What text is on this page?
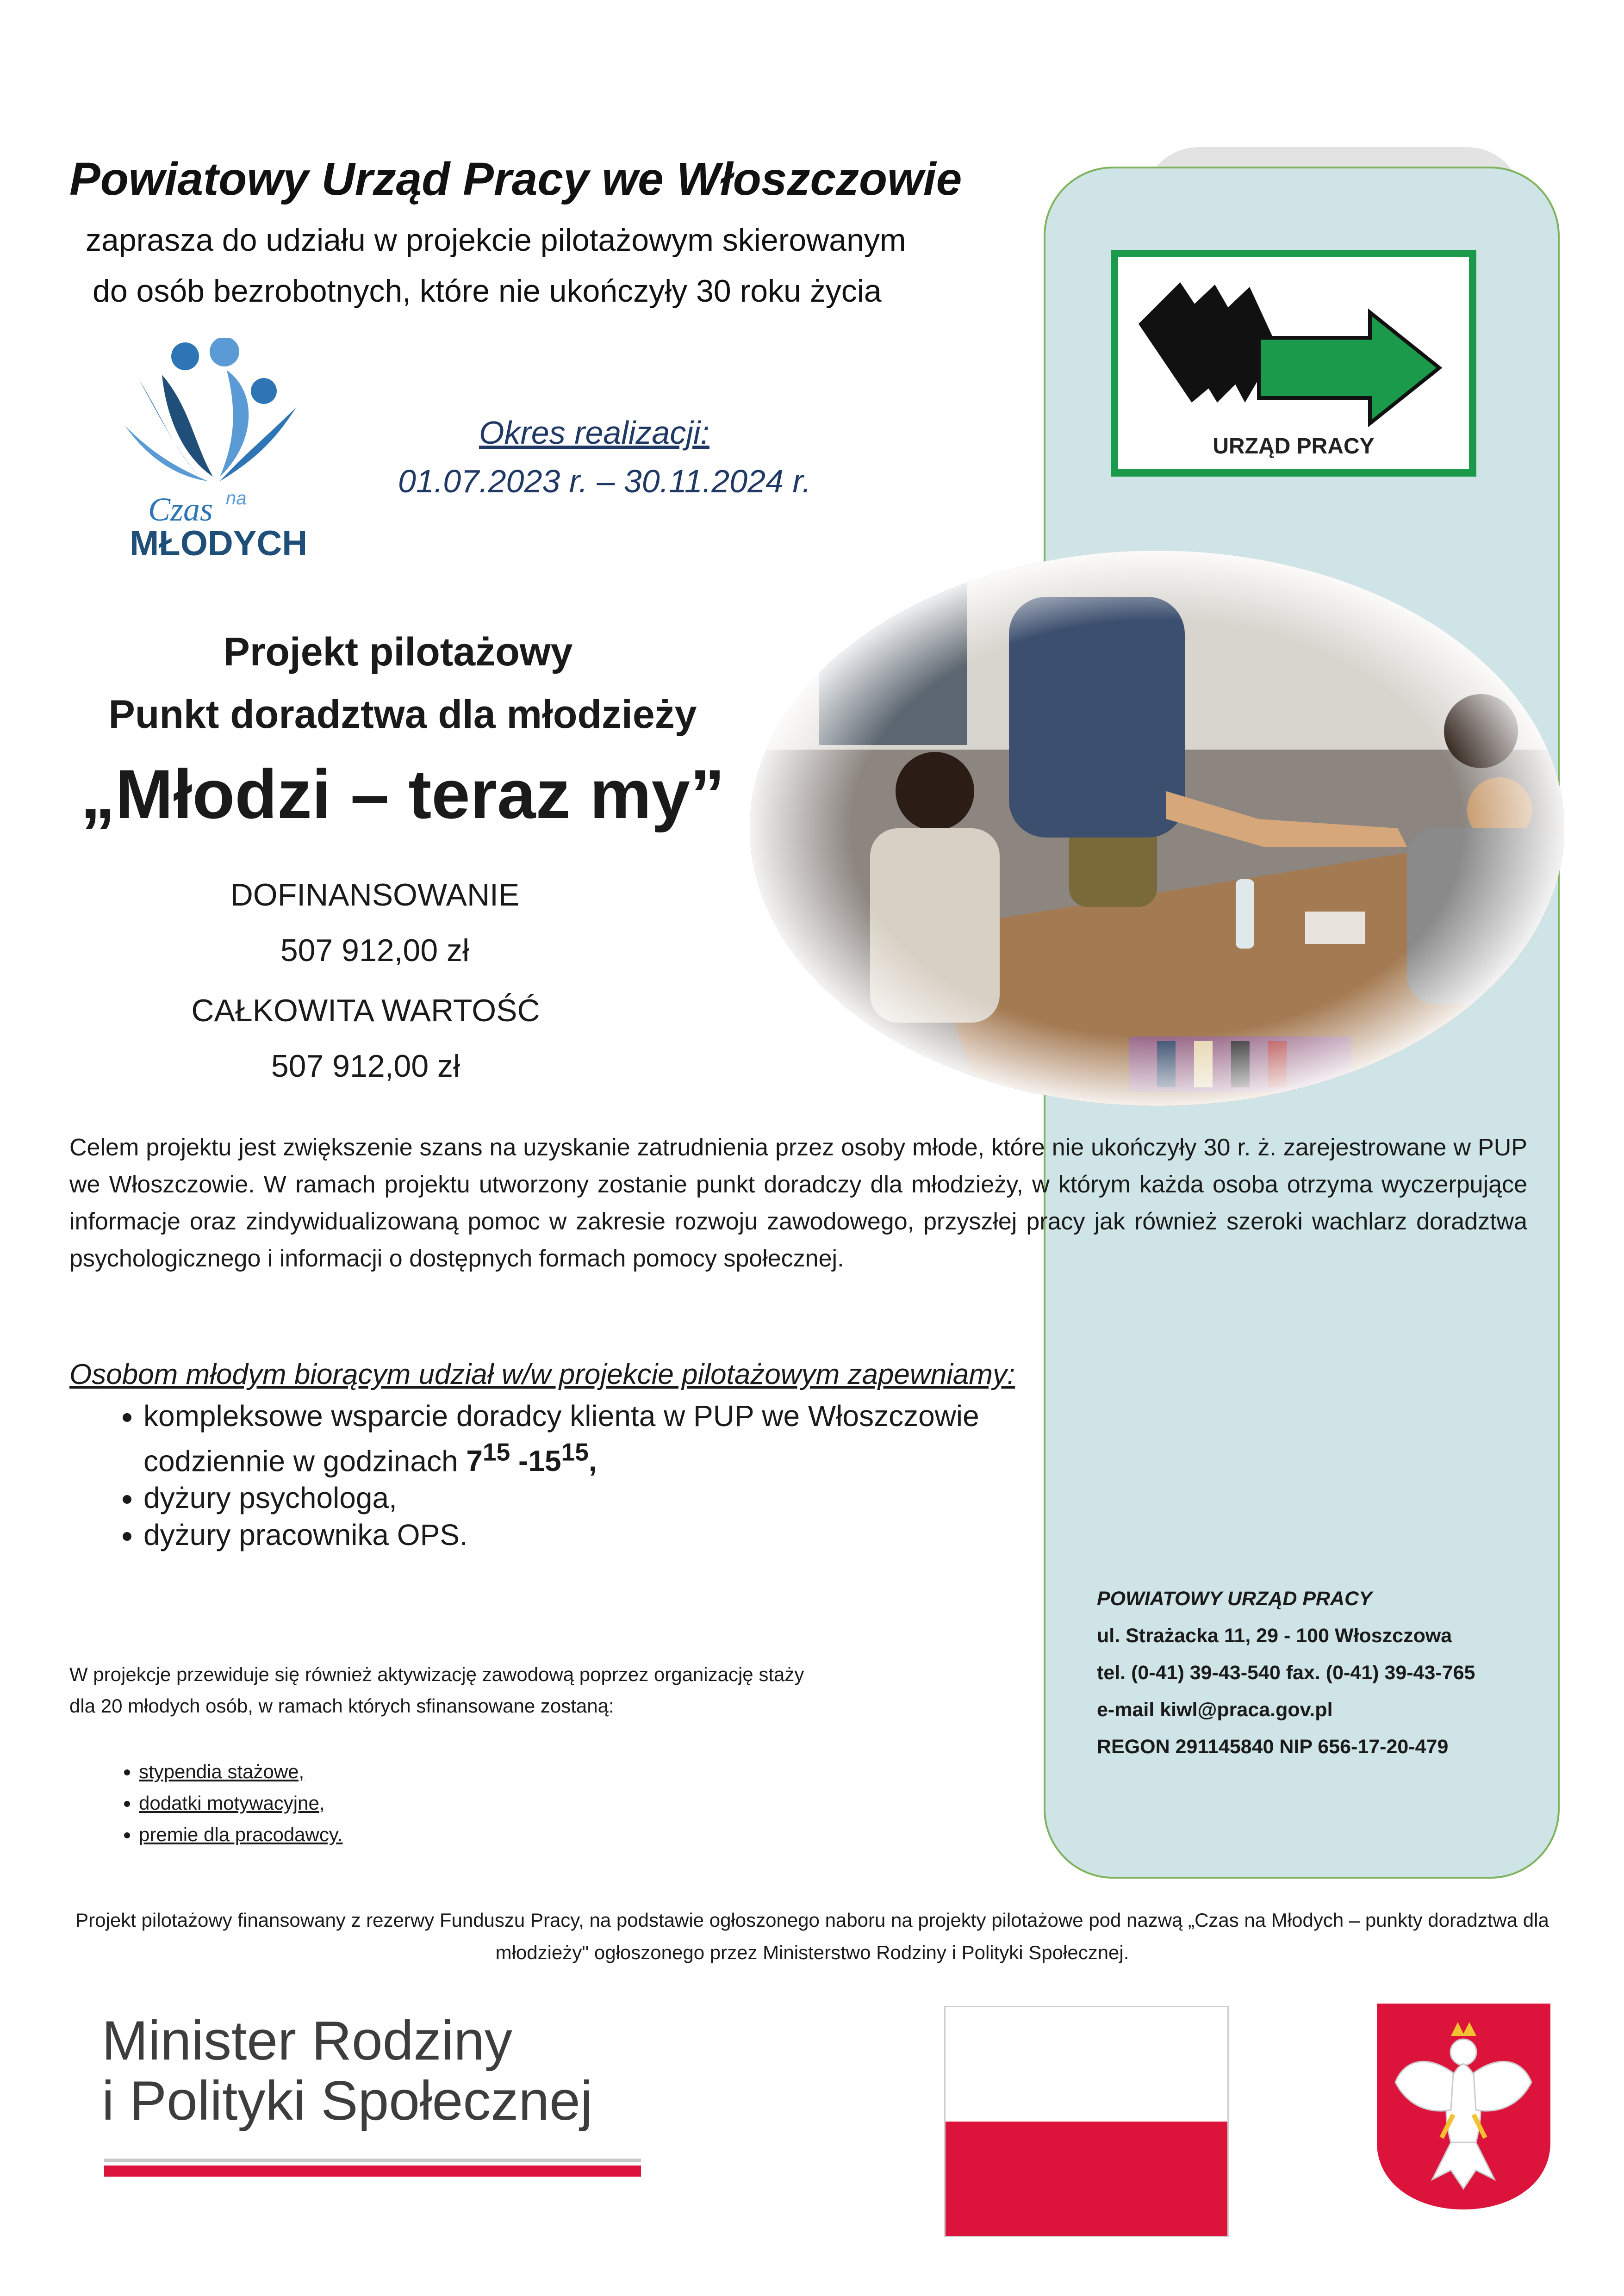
Powiatowy Urząd Pracy we Włoszczowie
zaprasza do udziału w projekcie pilotażowym skierowanym
do osób bezrobotnych, które nie ukończyły 30 roku życia
Czas na
MŁODYCH
URZĄD PRACY
Okres realizacji:
01.07.2023 r. – 30.11.2024 r.
Projekt pilotażowy
Punkt doradztwa dla młodzieży
„Młodzi – teraz my”
DOFINANSOWANIE
507 912,00 zł
CAŁKOWITA WARTOŚĆ
507 912,00 zł
Celem projektu jest zwiększenie szans na uzyskanie zatrudnienia przez osoby młode, które nie ukończyły 30 r. ż. zarejestrowane w PUP we Włoszczowie. W ramach projektu utworzony zostanie punkt doradczy dla młodzieży, w którym każda osoba otrzyma wyczerpujące informacje oraz zindywidualizowaną pomoc w zakresie rozwoju zawodowego, przyszłej pracy jak również szeroki wachlarz doradztwa psychologicznego i informacji o dostępnych formach pomocy społecznej.
Osobom młodym biorącym udział w/w projekcie pilotażowym zapewniamy:
• kompleksowe wsparcie doradcy klienta w PUP we Włoszczowie
codziennie w godzinach $7^{15}$ $-15^{15}$,
• dyżury psychologa,
• dyżury pracownika OPS.
W projekcje przewiduje się również aktywizację zawodową poprzez organizację staży
dla 20 młodych osób, w ramach których sfinansowane zostaną:
• stypendia stażowe,
• dodatki motywacyjne,
• premie dla pracodawcy.
POWIATOWY URZĄD PRACY
ul. Strażacka 11, 29 - 100 Włoszczowa
tel. (0-41) 39-43-540 fax. (0-41) 39-43-765
e-mail kiwl@praca.gov.pl
REGON 291145840 NIP 656-17-20-479
Projekt pilotażowy finansowany z rezerwy Funduszu Pracy, na podstawie ogłoszonego naboru na projekty pilotażowe pod nazwą „Czas na Młodych – punkty doradztwa dla młodzieży" ogłoszonego przez Ministerstwo Rodziny i Polityki Społecznej.
Minister Rodziny
i Polityki Społecznej
